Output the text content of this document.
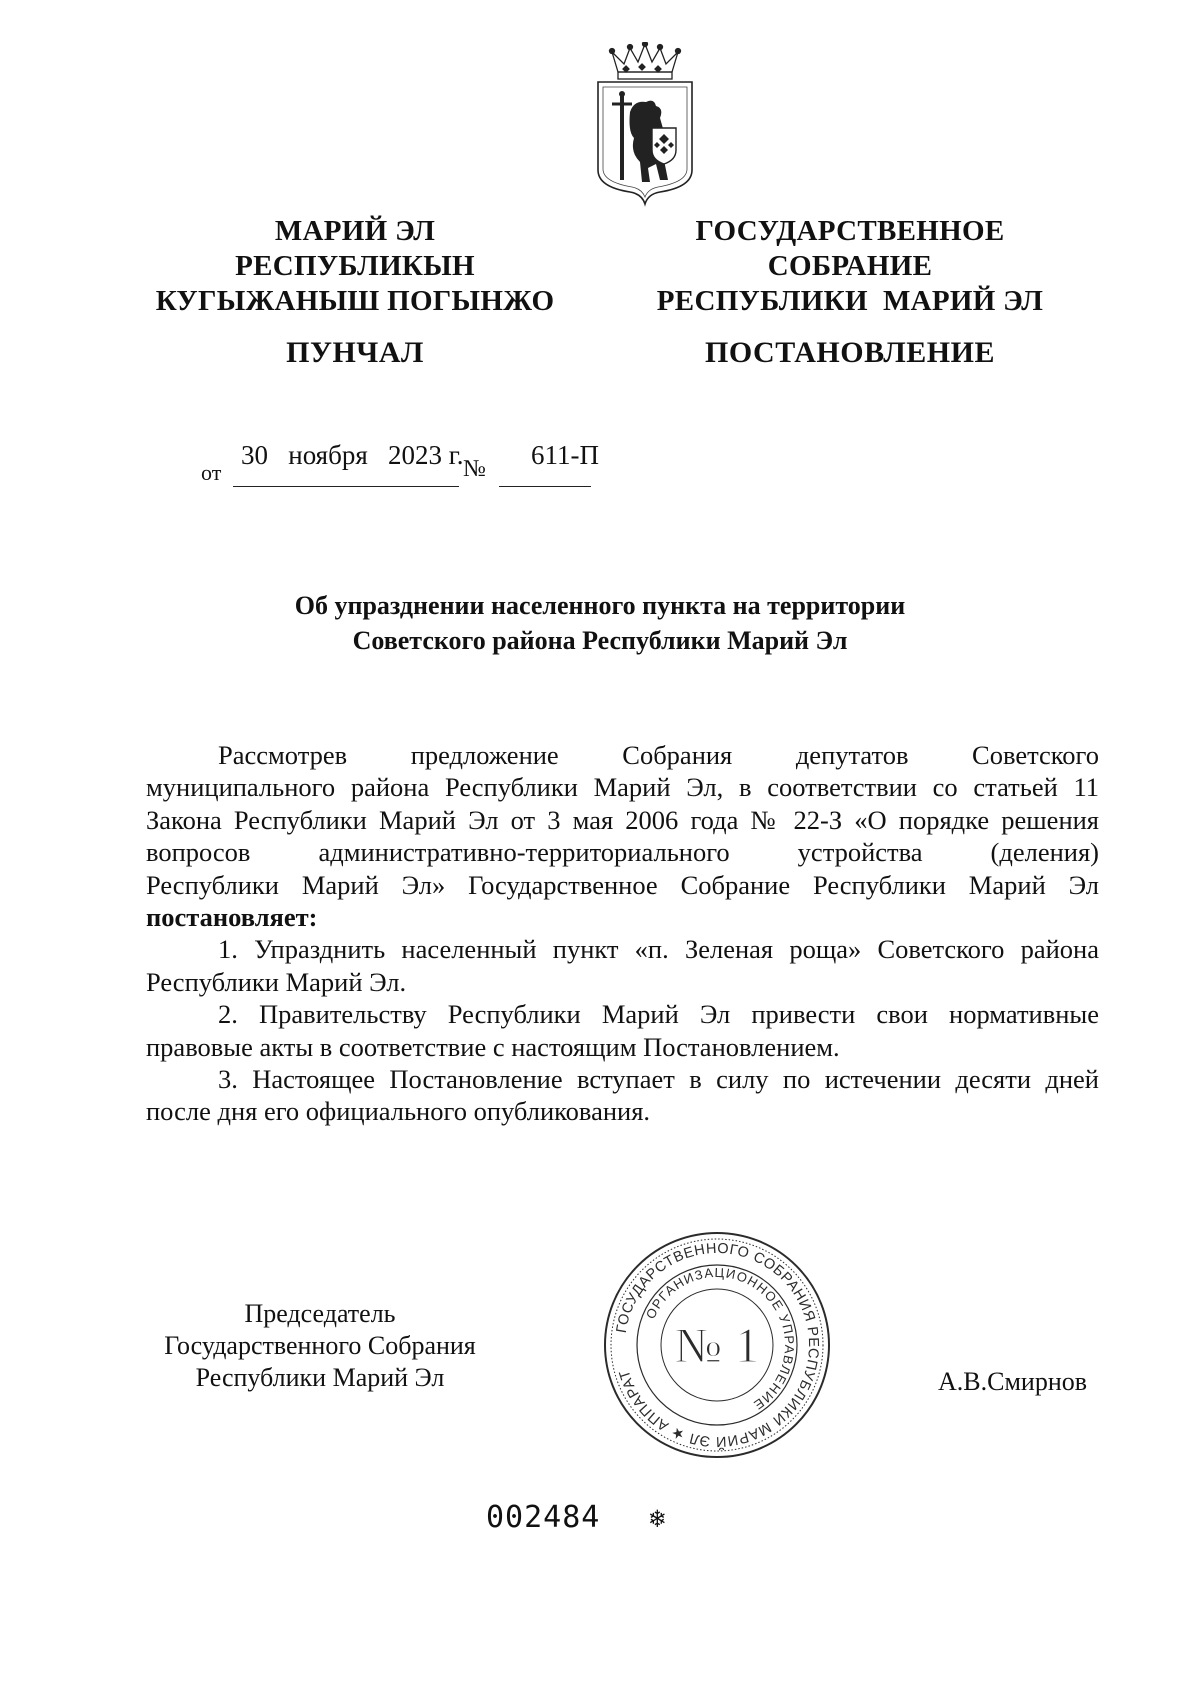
МАРИЙ ЭЛ
РЕСПУБЛИКЫН
КУГЫЖАНЫШ ПОГЫНЖО
ПУНЧАЛ
ГОСУДАРСТВЕННОЕ
СОБРАНИЕ
РЕСПУБЛИКИ  МАРИЙ ЭЛ
ПОСТАНОВЛЕНИЕ
от
30   ноября   2023 г. № 611-П
Об упразднении населенного пункта на территории
Советского района Республики Марий Эл
Рассмотрев предложение Собрания депутатов Советского
муниципального района Республики Марий Эл, в соответствии со статьей 11
Закона Республики Марий Эл от 3 мая 2006 года № 22-З «О порядке решения
вопросов административно-территориального устройства (деления)
Республики Марий Эл» Государственное Собрание Республики Марий Эл
постановляет:
1. Упразднить населенный пункт «п. Зеленая роща» Советского района
Республики Марий Эл.
2. Правительству Республики Марий Эл привести свои нормативные
правовые акты в соответствие с настоящим Постановлением.
3. Настоящее Постановление вступает в силу по истечении десяти дней
после дня его официального опубликования.
Председатель
Государственного Собрания
Республики Марий Эл	А.В.Смирнов
ГОСУДАРСТВЕННОГО СОБРАНИЯ РЕСПУБЛИКИ МАРИЙ ЭЛ ★ АППАРАТ
ОРГАНИЗАЦИОННОЕ УПРАВЛЕНИЕ
№ 1
002484 ❄
